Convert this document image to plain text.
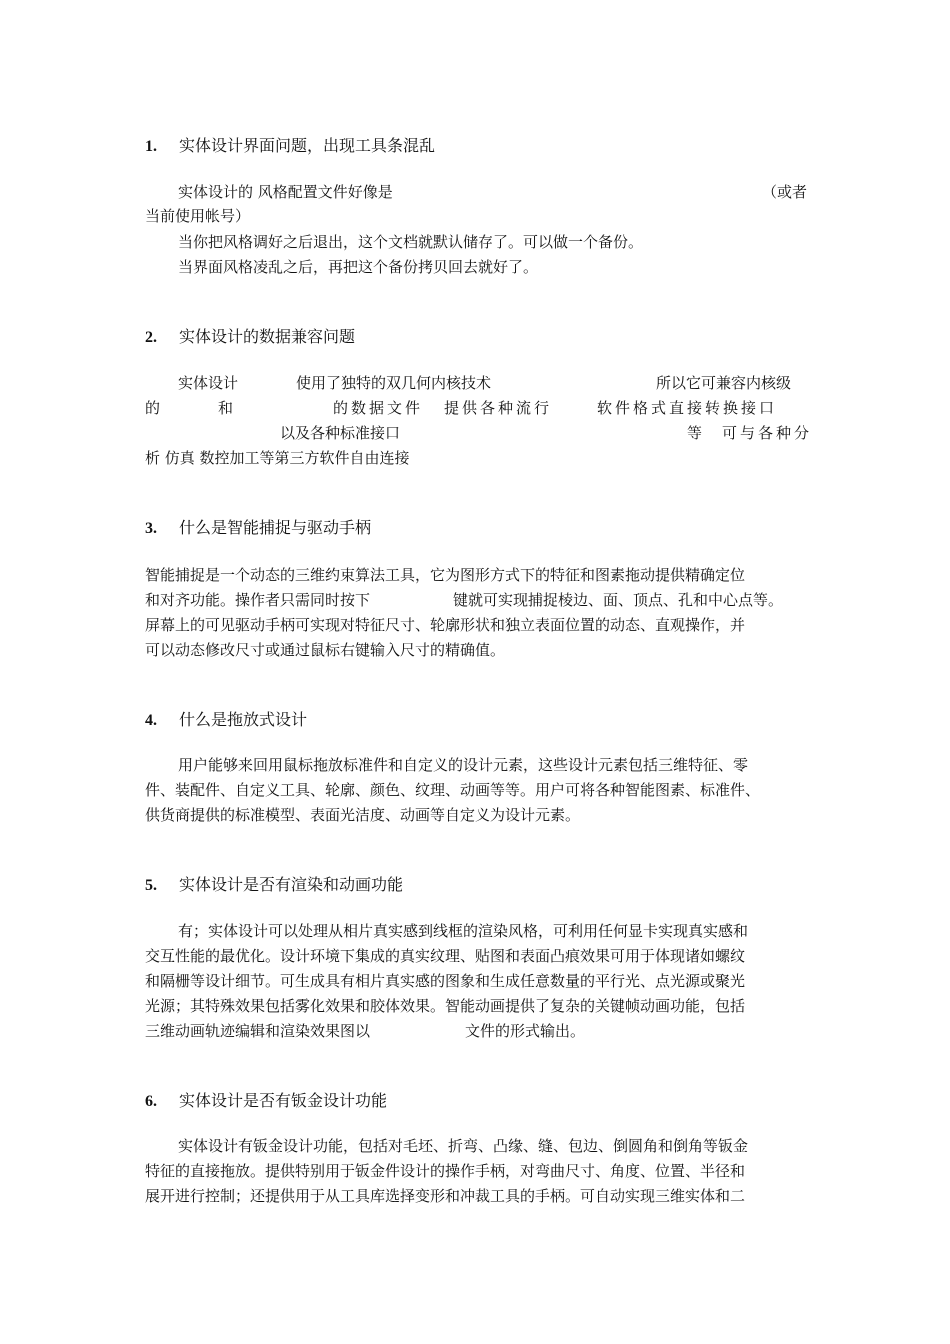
1. 实体设计界面问题，出现工具条混乱
实体设计的 风格配置文件好像是	（或者
当前使用帐号）
当你把风格调好之后退出，这个文档就默认储存了。可以做一个备份。
当界面风格凌乱之后，再把这个备份拷贝回去就好了。
2. 实体设计的数据兼容问题
实体设计	使用了独特的双几何内核技术	所以它可兼容内核级
的	和	的数据文件 提供各种流行	软件格式直接转换接口
以及各种标准接口	等 可与各种分
析 仿真 数控加工等第三方软件自由连接
3. 什么是智能捕捉与驱动手柄
智能捕捉是一个动态的三维约束算法工具，它为图形方式下的特征和图素拖动提供精确定位
和对齐功能。操作者只需同时按下	键就可实现捕捉棱边、面、顶点、孔和中心点等。
屏幕上的可见驱动手柄可实现对特征尺寸、轮廓形状和独立表面位置的动态、直观操作，并
可以动态修改尺寸或通过鼠标右键输入尺寸的精确值。
4. 什么是拖放式设计
用户能够来回用鼠标拖放标准件和自定义的设计元素，这些设计元素包括三维特征、零
件、装配件、自定义工具、轮廓、颜色、纹理、动画等等。用户可将各种智能图素、标准件、
供货商提供的标准模型、表面光洁度、动画等自定义为设计元素。
5. 实体设计是否有渲染和动画功能
有；实体设计可以处理从相片真实感到线框的渲染风格，可利用任何显卡实现真实感和
交互性能的最优化。设计环境下集成的真实纹理、贴图和表面凸痕效果可用于体现诸如螺纹
和隔栅等设计细节。可生成具有相片真实感的图象和生成任意数量的平行光、点光源或聚光
光源；其特殊效果包括雾化效果和胶体效果。智能动画提供了复杂的关键帧动画功能，包括
三维动画轨迹编辑和渲染效果图以	文件的形式输出。
6. 实体设计是否有钣金设计功能
实体设计有钣金设计功能，包括对毛坯、折弯、凸缘、缝、包边、倒圆角和倒角等钣金
特征的直接拖放。提供特别用于钣金件设计的操作手柄，对弯曲尺寸、角度、位置、半径和
展开进行控制；还提供用于从工具库选择变形和冲裁工具的手柄。可自动实现三维实体和二
